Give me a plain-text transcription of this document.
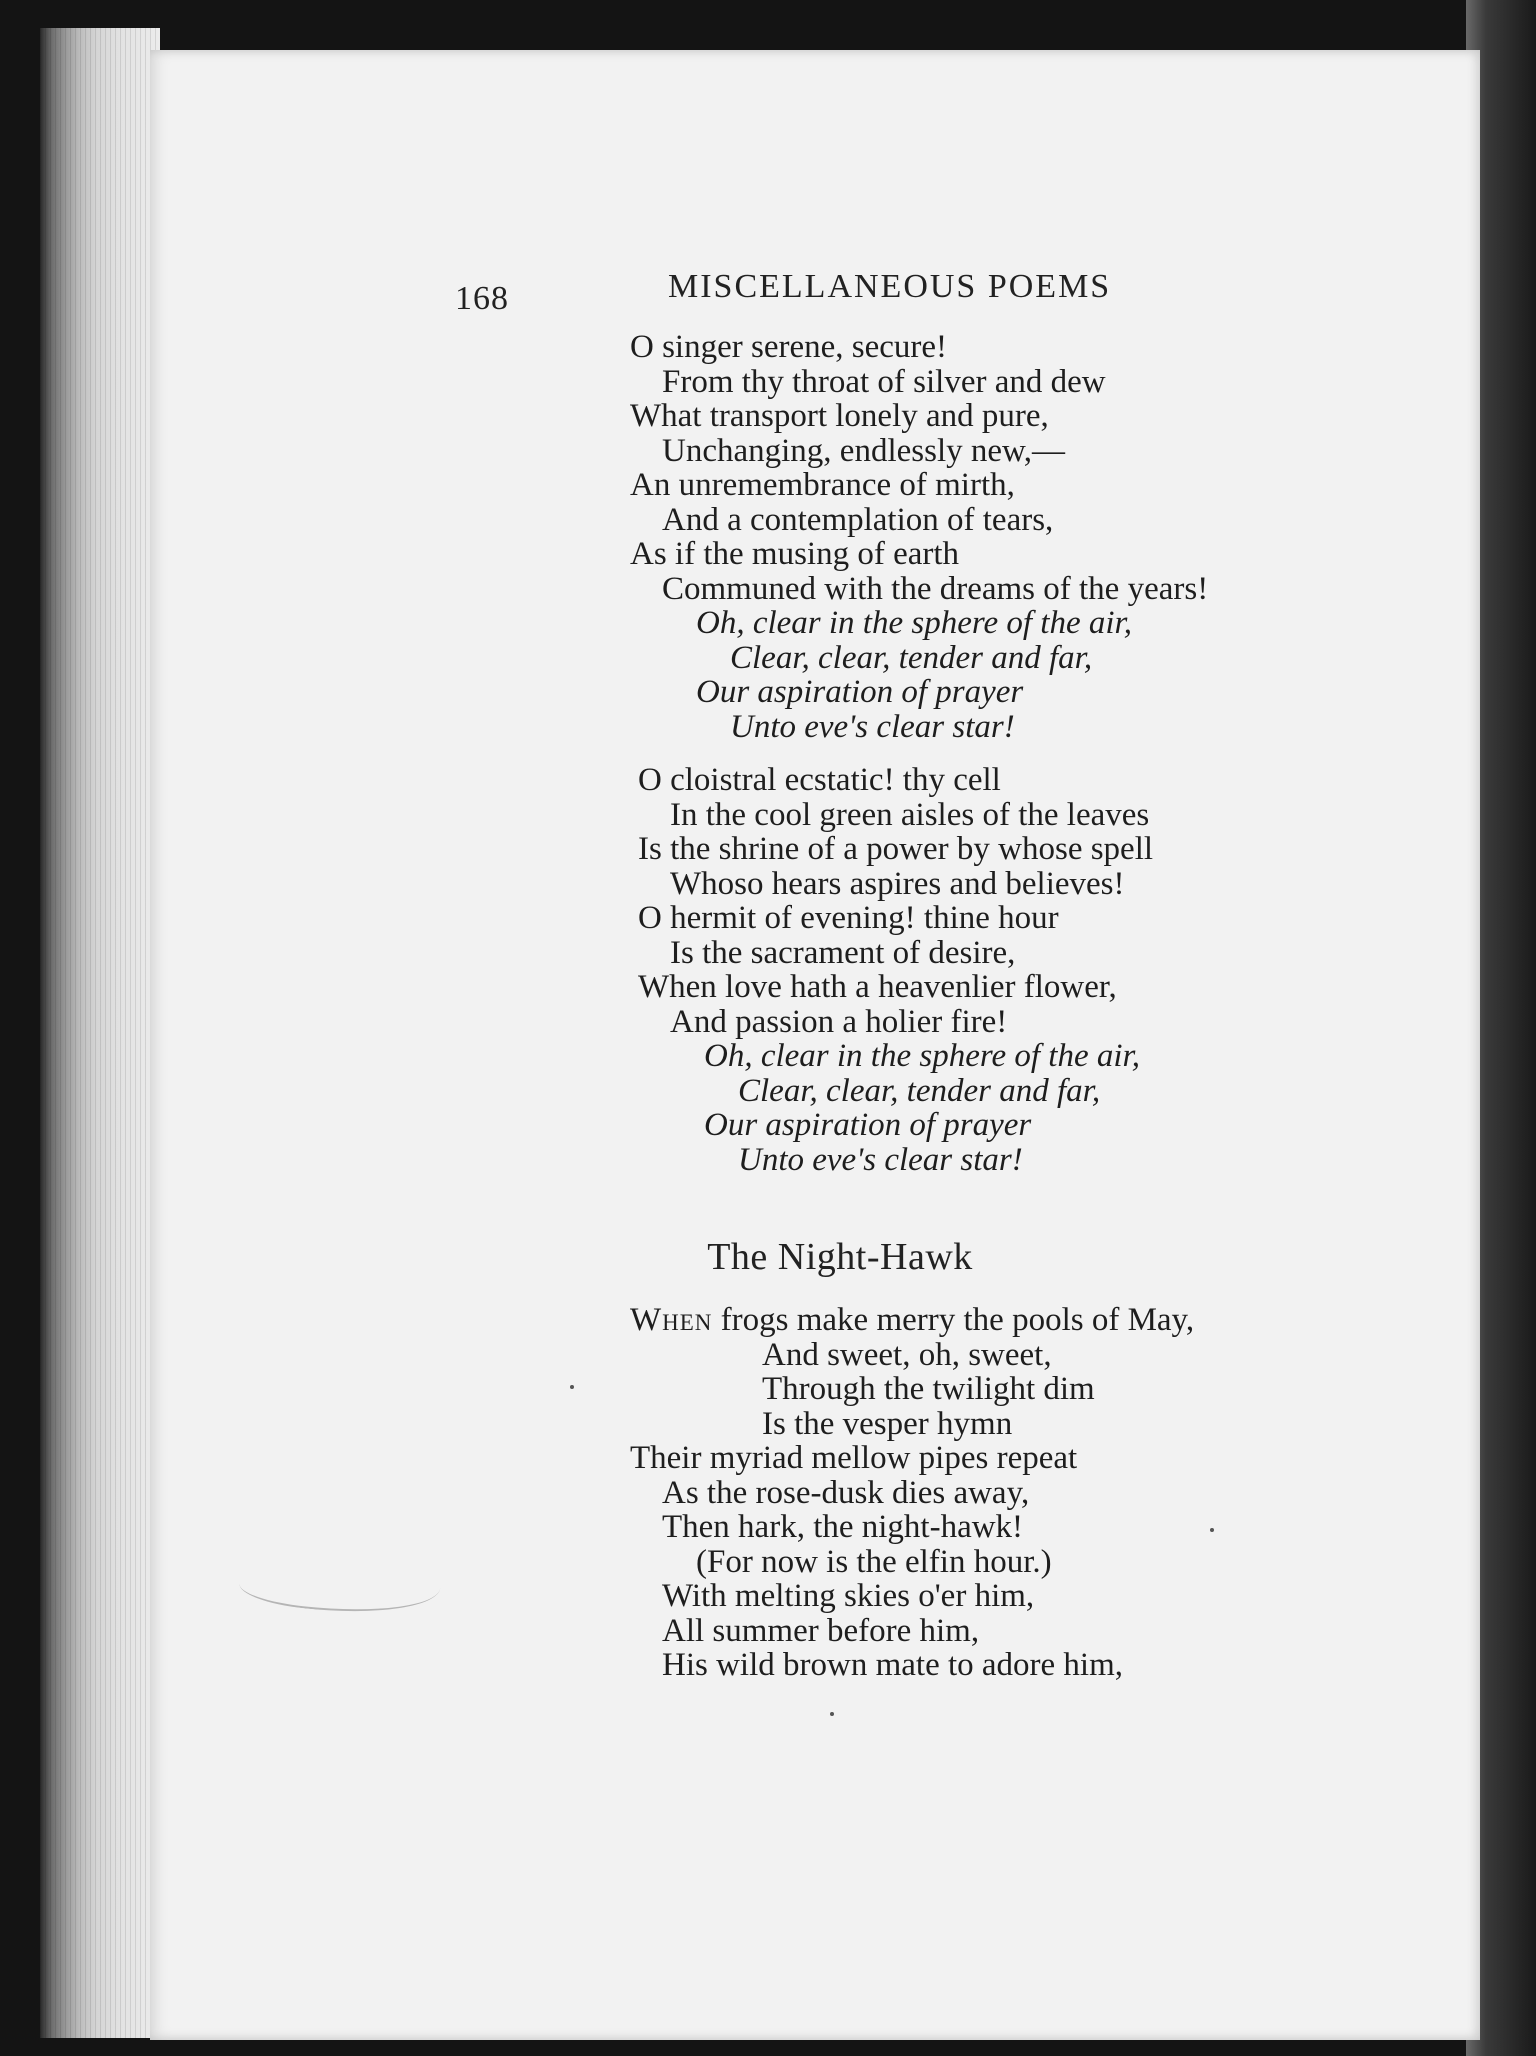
168	MISCELLANEOUS POEMS
O singer serene, secure!
From thy throat of silver and dew
What transport lonely and pure,
Unchanging, endlessly new,—
An unremembrance of mirth,
And a contemplation of tears,
As if the musing of earth
Communed with the dreams of the years!
Oh, clear in the sphere of the air,
Clear, clear, tender and far,
Our aspiration of prayer
Unto eve's clear star!
O cloistral ecstatic! thy cell
In the cool green aisles of the leaves
Is the shrine of a power by whose spell
Whoso hears aspires and believes!
O hermit of evening! thine hour
Is the sacrament of desire,
When love hath a heavenlier flower,
And passion a holier fire!
Oh, clear in the sphere of the air,
Clear, clear, tender and far,
Our aspiration of prayer
Unto eve's clear star!
The Night-Hawk
When frogs make merry the pools of May,
And sweet, oh, sweet,
Through the twilight dim
Is the vesper hymn
Their myriad mellow pipes repeat
As the rose-dusk dies away,
Then hark, the night-hawk!
(For now is the elfin hour.)
With melting skies o'er him,
All summer before him,
His wild brown mate to adore him,
